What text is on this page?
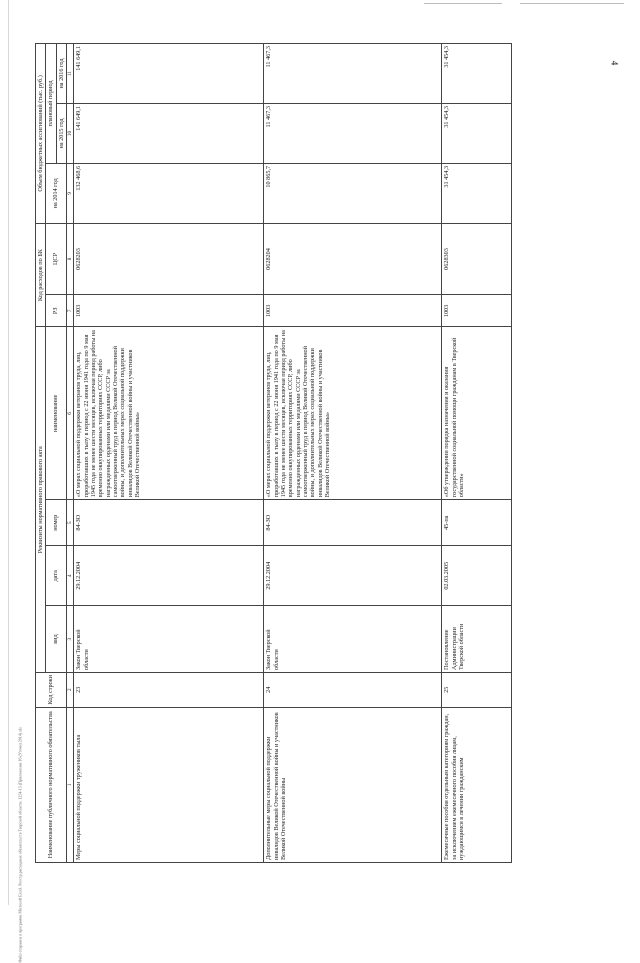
4
Файл сохранен в программе Microsoft Excel. Реестр расходных обязательств Тверской области. 1254-15 (Приложение 16 (Уточн) 2014).xls	Наименование публичного нормативного обязательства	Код строки	Реквизиты нормативного правового акта				Код расходов по БК		Объем бюджетных ассигнований (тыс. руб.)		
		вид	дата	номер	наименование	РЗ	ЦСР	на 2014 год	плановый период	
									на 2015 год	на 2016 год
1	2	3	4	5	6	7	8	9	10	11
Меры социальной поддержки тружеников тыла	23	Закон Тверской области	29.12.2004	84-ЗО	«О мерах социальной поддержки ветеранов труда, лиц, проработавших в тылу в период с 22 июня 1941 года по 9 мая 1945 года не менее шести месяцев, исключая период работы на временно оккупированных территориях СССР, либо награжденных орденами или медалями СССР за самоотверженный труд в период Великой Отечественной войны, и дополнительных мерах социальной поддержки инвалидов Великой Отечественной войны и участников Великой Отечественной войны»	1003	0628203	132 468,6	141 649,1	141 649,1
Дополнительные меры социальной поддержки инвалидов Великой Отечественной войны и участников Великой Отечественной войны	24	Закон Тверской области	29.12.2004	84-ЗО	«О мерах социальной поддержки ветеранов труда, лиц, проработавших в тылу в период с 22 июня 1941 года по 9 мая 1945 года не менее шести месяцев, исключая период работы на временно оккупированных территориях СССР, либо награжденных орденами или медалями СССР за самоотверженный труд в период Великой Отечественной войны, и дополнительных мерах социальной поддержки инвалидов Великой Отечественной войны и участников Великой Отечественной войны»	1003	0628204	10 865,7	11 467,3	11 467,3
Ежемесячные пособия отдельным категориям граждан, за исключением ежемесячного пособия лицам, нуждающимся в лечении гражданским	25	Постановление Администрации Тверской области	02.03.2005	45-па	«Об утверждении порядка назначения и оказания государственной социальной помощи гражданам в Тверской области»	1003	0628303	31 454,3	31 454,3	31 454,3
